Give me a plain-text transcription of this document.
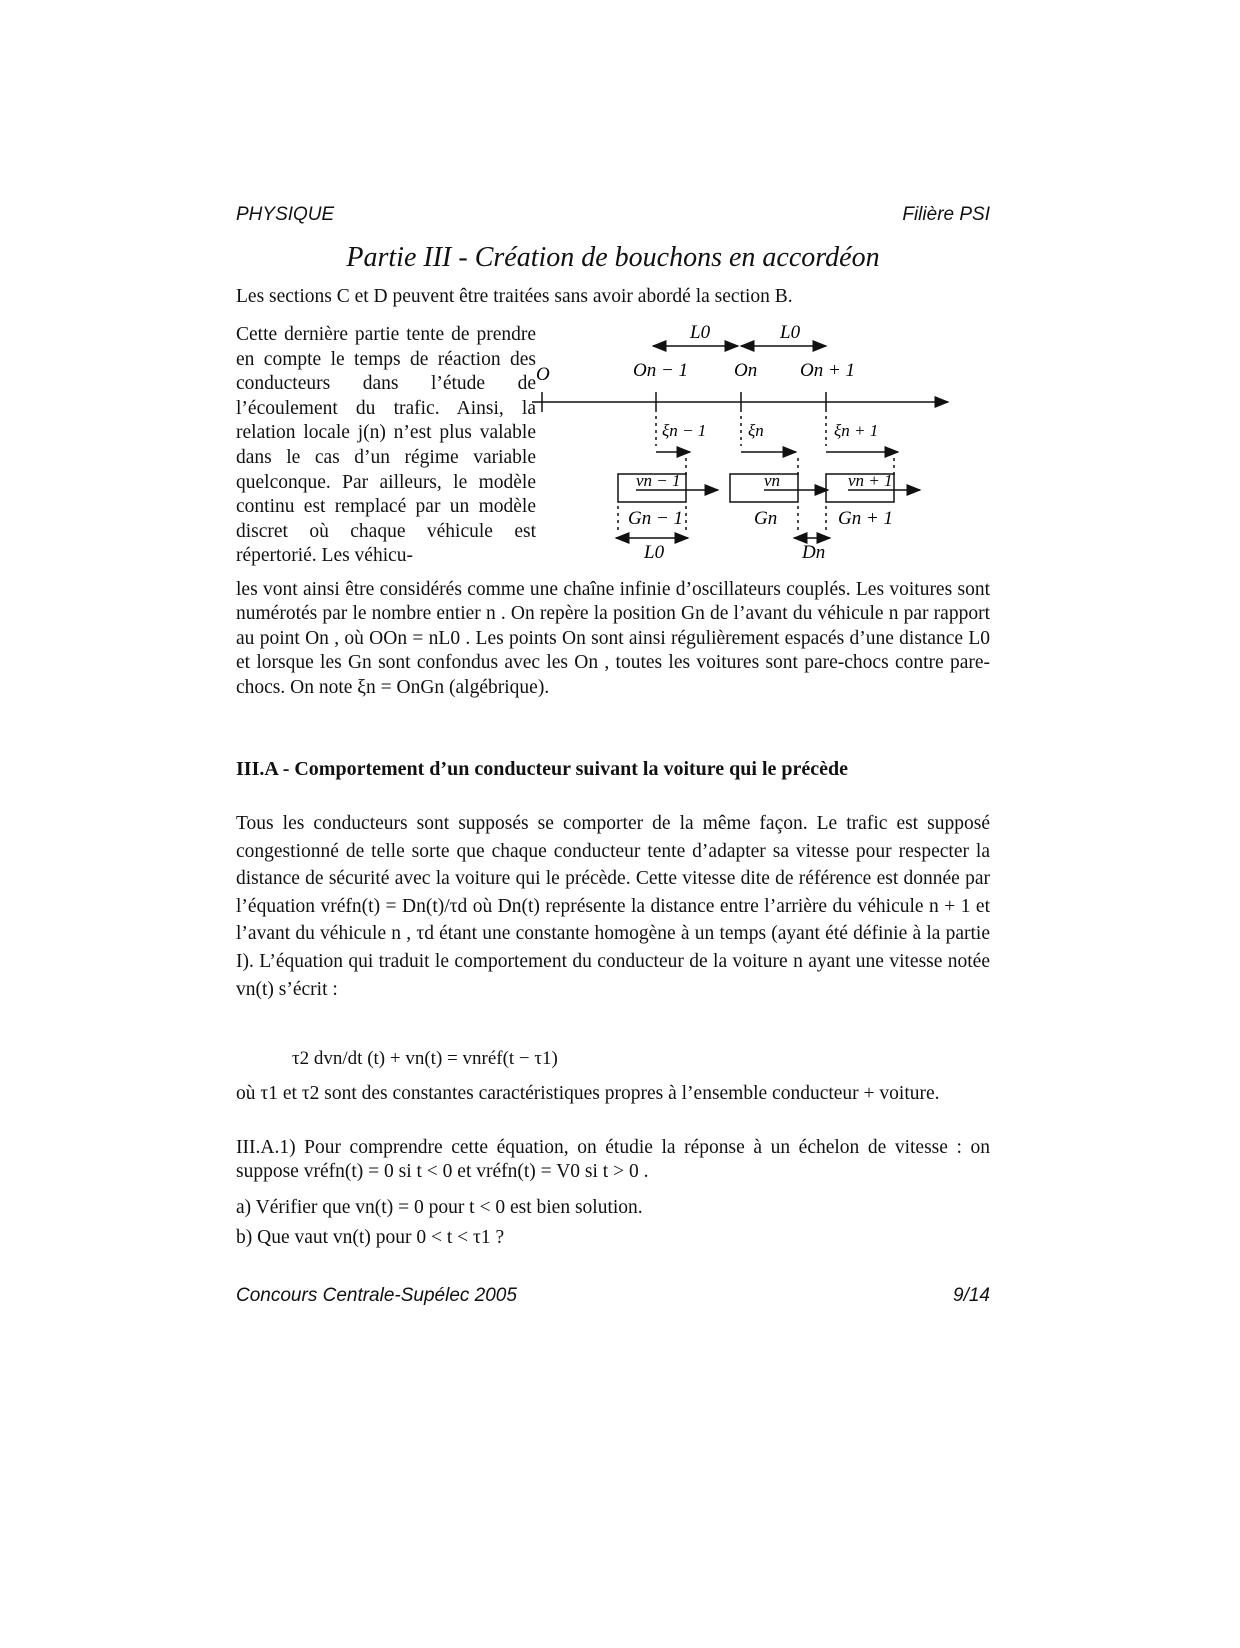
PHYSIQUE	Filière PSI
Partie III - Création de bouchons en accordéon
Les sections C et D peuvent être traitées sans avoir abordé la section B.
Cette dernière partie tente de prendre en compte le temps de réaction des conducteurs dans l’étude de l’écoulement du trafic. Ainsi, la relation locale j(n) n’est plus valable dans le cas d’un régime variable quelconque. Par ailleurs, le modèle continu est remplacé par un modèle discret où chaque véhicule est répertorié. Les véhicu-
L0	L0
O	On − 1 On On + 1
ξn − 1 ξn	ξn + 1
vn − 1	vn	vn + 1
Gn − 1	Gn	Gn + 1
L0	Dn
les vont ainsi être considérés comme une chaîne infinie d’oscillateurs couplés. Les voitures sont numérotés par le nombre entier n . On repère la position Gn de l’avant du véhicule n par rapport au point On , où OOn = nL0 . Les points On sont ainsi régulièrement espacés d’une distance L0 et lorsque les Gn sont confondus avec les On , toutes les voitures sont pare-chocs contre pare-chocs. On note ξn = OnGn (algébrique).
III.A - Comportement d’un conducteur suivant la voiture qui le précède
Tous les conducteurs sont supposés se comporter de la même façon. Le trafic est supposé congestionné de telle sorte que chaque conducteur tente d’adapter sa vitesse pour respecter la distance de sécurité avec la voiture qui le précède. Cette vitesse dite de référence est donnée par l’équation vréfn(t) = Dn(t)/τd où Dn(t) représente la distance entre l’arrière du véhicule n + 1 et l’avant du véhicule n , τd étant une constante homogène à un temps (ayant été définie à la partie I). L’équation qui traduit le comportement du conducteur de la voiture n ayant une vitesse notée vn(t) s’écrit :
τ2 dvn/dt (t) + vn(t) = vnréf(t − τ1)
où τ1 et τ2 sont des constantes caractéristiques propres à l’ensemble conducteur + voiture.
III.A.1) Pour comprendre cette équation, on étudie la réponse à un échelon de vitesse : on suppose vréfn(t) = 0 si t < 0 et vréfn(t) = V0 si t > 0 .
a) Vérifier que vn(t) = 0 pour t < 0 est bien solution.
b) Que vaut vn(t) pour 0 < t < τ1 ?
Concours Centrale-Supélec 2005	9/14
